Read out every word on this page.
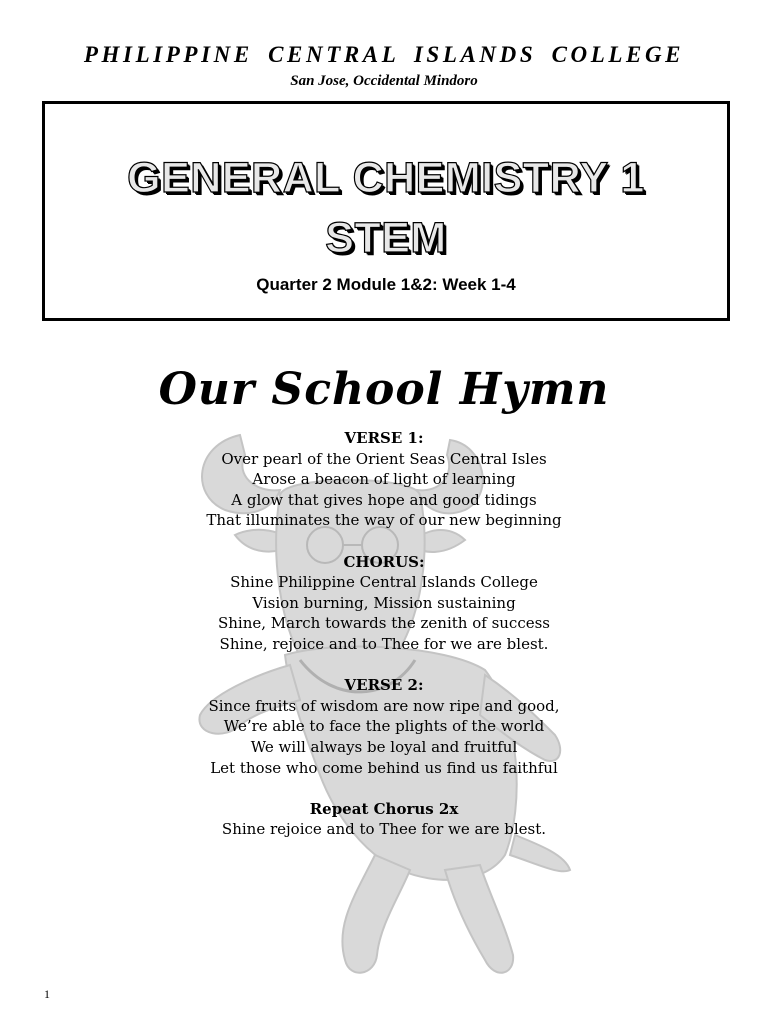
PHILIPPINE CENTRAL ISLANDS COLLEGE
San Jose, Occidental Mindoro
GENERAL CHEMISTRY 1
STEM
Quarter 2 Module 1&2: Week 1-4
Our School Hymn
VERSE 1:
Over pearl of the Orient Seas Central Isles
Arose a beacon of light of learning
A glow that gives hope and good tidings
That illuminates the way of our new beginning
CHORUS:
Shine Philippine Central Islands College
Vision burning, Mission sustaining
Shine, March towards the zenith of success
Shine, rejoice and to Thee for we are blest.
VERSE 2:
Since fruits of wisdom are now ripe and good,
We’re able to face the plights of the world
We will always be loyal and fruitful
Let those who come behind us find us faithful
Repeat Chorus 2x
Shine rejoice and to Thee for we are blest.
1
